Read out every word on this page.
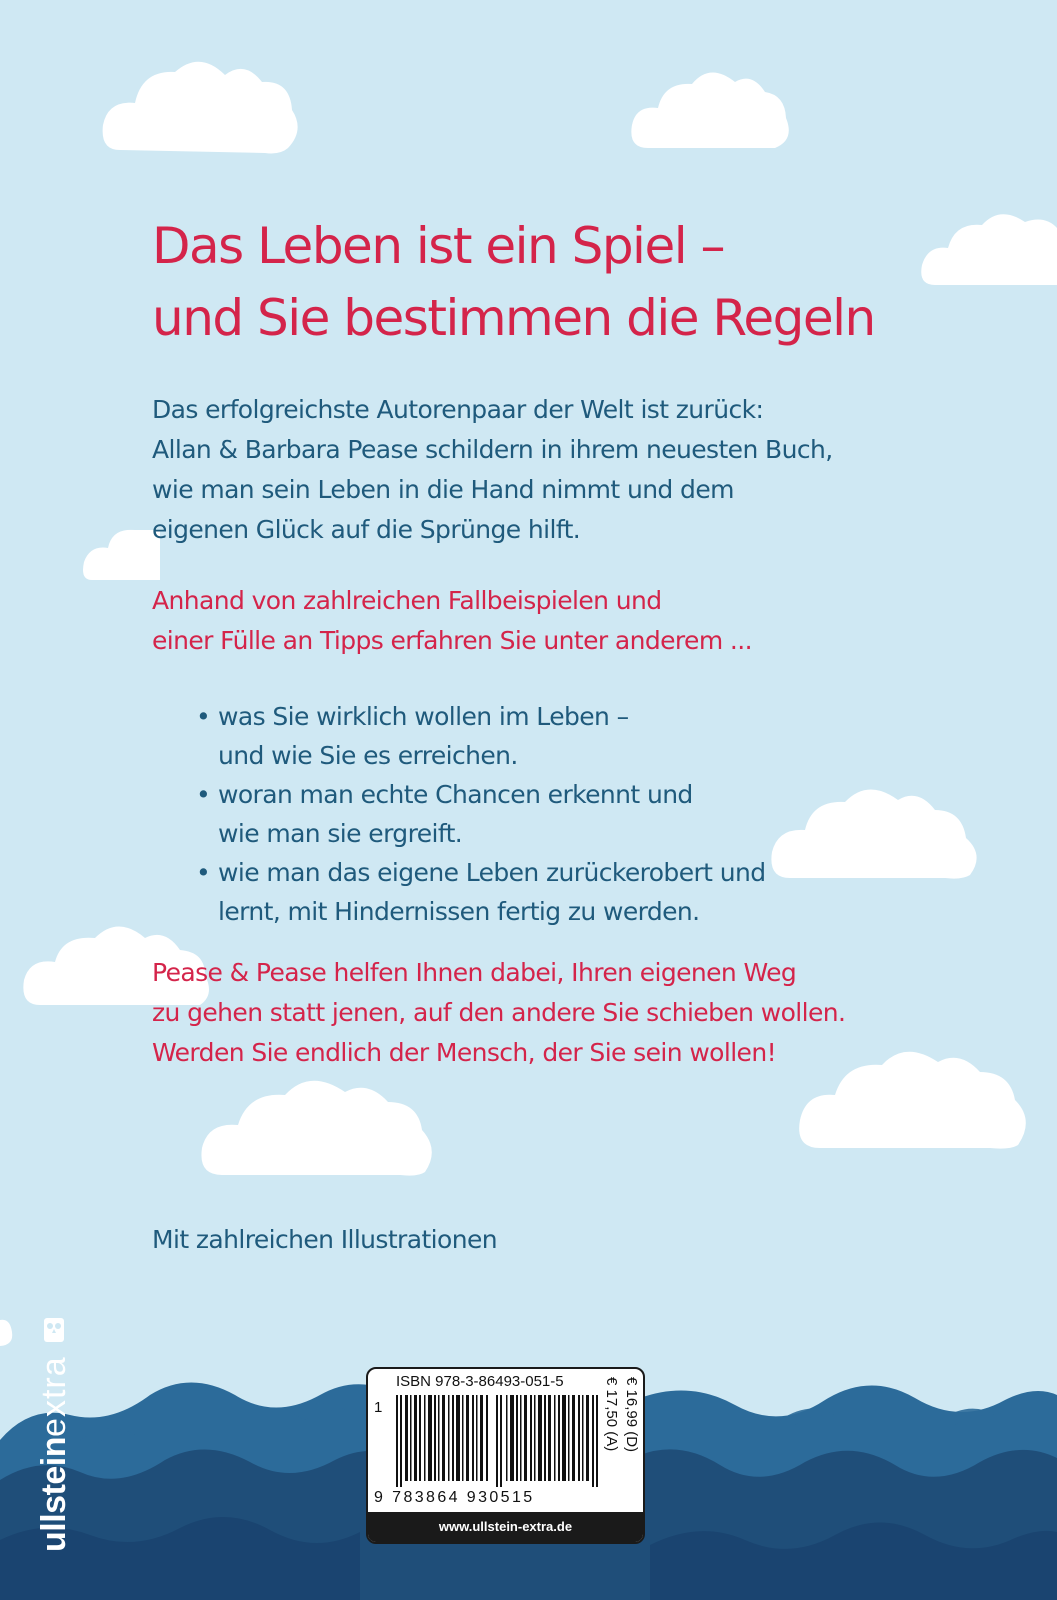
Das Leben ist ein Spiel –
und Sie bestimmen die Regeln

Das erfolgreichste Autorenpaar der Welt ist zurück:
Allan & Barbara Pease schildern in ihrem neuesten Buch,
wie man sein Leben in die Hand nimmt und dem
eigenen Glück auf die Sprünge hilft.

Anhand von zahlreichen Fallbeispielen und
einer Fülle an Tipps erfahren Sie unter anderem ...

• was Sie wirklich wollen im Leben –
und wie Sie es erreichen.
• woran man echte Chancen erkennt und
wie man sie ergreift.
• wie man das eigene Leben zurückerobert und
lernt, mit Hindernissen fertig zu werden.

Pease & Pease helfen Ihnen dabei, Ihren eigenen Weg
zu gehen statt jenen, auf den andere Sie schieben wollen.
Werden Sie endlich der Mensch, der Sie sein wollen!

Mit zahlreichen Illustrationen

ullsteinextra	ISBN 978-3-86493-051-5
1
9 783864 930515
€ 16,99 (D)
€ 17,50 (A)
www.ullstein-extra.de
